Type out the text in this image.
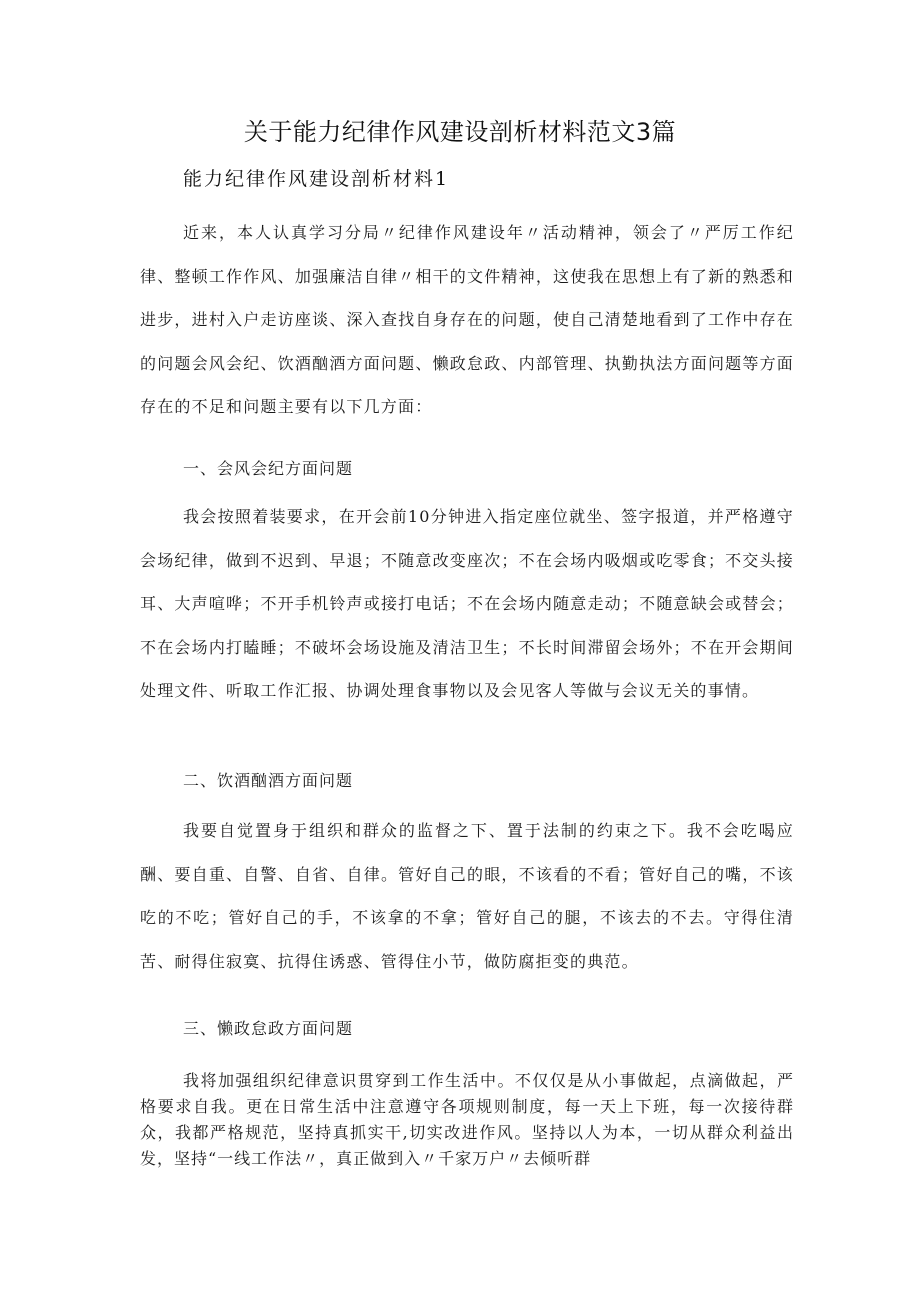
关于能力纪律作风建设剖析材料范文3篇
能力纪律作风建设剖析材料1

近来，本人认真学习分局〃纪律作风建设年〃活动精神，领会了〃严厉工作纪律、整顿工作作风、加强廉洁自律〃相干的文件精神，这使我在思想上有了新的熟悉和进步，进村入户走访座谈、深入查找自身存在的问题，使自己清楚地看到了工作中存在的问题会风会纪、饮酒酗酒方面问题、懒政怠政、内部管理、执勤执法方面问题等方面存在的不足和问题主要有以下几方面：

一、会风会纪方面问题

我会按照着装要求，在开会前10分钟进入指定座位就坐、签字报道，并严格遵守会场纪律，做到不迟到、早退；不随意改变座次；不在会场内吸烟或吃零食；不交头接耳、大声喧哗；不开手机铃声或接打电话；不在会场内随意走动；不随意缺会或替会；不在会场内打瞌睡；不破坏会场设施及清洁卫生；不长时间滞留会场外；不在开会期间处理文件、听取工作汇报、协调处理食事物以及会见客人等做与会议无关的事情。

二、饮酒酗酒方面问题

我要自觉置身于组织和群众的监督之下、置于法制的约束之下。我不会吃喝应酬、要自重、自警、自省、自律。管好自己的眼，不该看的不看；管好自己的嘴，不该吃的不吃；管好自己的手，不该拿的不拿；管好自己的腿，不该去的不去。守得住清苦、耐得住寂寞、抗得住诱惑、管得住小节，做防腐拒变的典范。

三、懒政怠政方面问题

我将加强组织纪律意识贯穿到工作生活中。不仅仅是从小事做起，点滴做起，严格要求自我。更在日常生活中注意遵守各项规则制度，每一天上下班，每一次接待群众，我都严格规范，坚持真抓实干,切实改进作风。坚持以人为本，一切从群众利益出发，坚持“一线工作法〃，真正做到入〃千家万户〃去倾听群
